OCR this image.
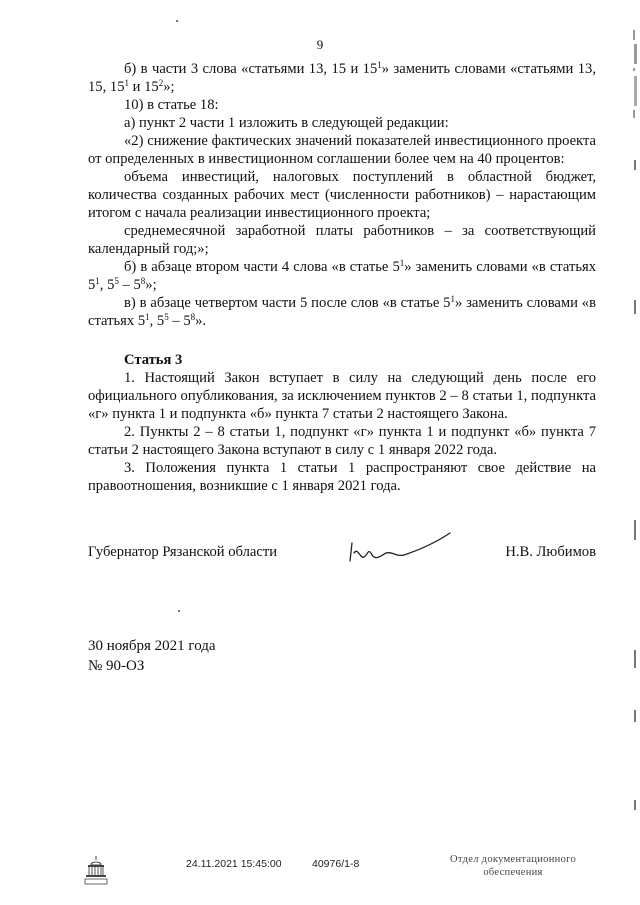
9

б) в части 3 слова «статьями 13, 15 и $15^1$» заменить словами «статьями 13, 15, $15^1$ и $15^2$»;

10) в статье 18:

а) пункт 2 части 1 изложить в следующей редакции:

«2) снижение фактических значений показателей инвестиционного проекта от определенных в инвестиционном соглашении более чем на 40 процентов:

объема инвестиций, налоговых поступлений в областной бюджет, количества созданных рабочих мест (численности работников) – нарастающим итогом с начала реализации инвестиционного проекта;

среднемесячной заработной платы работников – за соответствующий календарный год;»;

б) в абзаце втором части 4 слова «в статье $5^1$» заменить словами «в статьях $5^1$, $5^5 - 5^8$»;

в) в абзаце четвертом части 5 после слов «в статье $5^1$» заменить словами «в статьях $5^1$, $5^5 - 5^8$».

Статья 3

1. Настоящий Закон вступает в силу на следующий день после его официального опубликования, за исключением пунктов 2 – 8 статьи 1, подпункта «г» пункта 1 и подпункта «б» пункта 7 статьи 2 настоящего Закона.

2. Пункты 2 – 8 статьи 1, подпункт «г» пункта 1 и подпункт «б» пункта 7 статьи 2 настоящего Закона вступают в силу с 1 января 2022 года.

3. Положения пункта 1 статьи 1 распространяют свое действие на правоотношения, возникшие с 1 января 2021 года.

Губернатор Рязанской области	Н.В. Любимов
30 ноября 2021 года
№ 90-ОЗ
24.11.2021 15:45:00	40976/1-8	Отдел документационного
обеспечения
